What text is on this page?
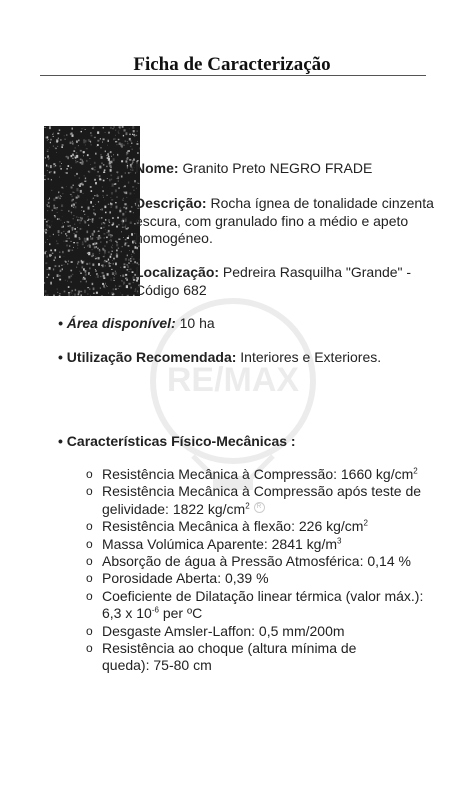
Ficha de Caracterização
RE/MAX
Nome: Granito Preto NEGRO FRADE
Descrição: Rocha ígnea de tonalidade cinzenta escura, com granulado fino a médio e apeto homogéneo.
Localização: Pedreira Rasquilha "Grande" - Código 682
• Área disponível: 10 ha
• Utilização Recomendada: Interiores e Exteriores.
• Características Físico-Mecânicas :
o Resistência Mecânica à Compressão: 1660 $kg/cm^2$
o Resistência Mecânica à Compressão após teste de
gelividade: 1822 $kg/cm^2$ R
o Resistência Mecânica à flexão: 226 $kg/cm^2$
o Massa Volúmica Aparente: 2841 $kg/m^3$
o Absorção de água à Pressão Atmosférica: 0,14 %
o Porosidade Aberta: 0,39 %
o Coeficiente de Dilatação linear térmica (valor máx.):
6,3 x $10^{-6}$ per ºC
o Desgaste Amsler-Laffon: 0,5 mm/200m
o Resistência ao choque (altura mínima de
queda): 75-80 cm
